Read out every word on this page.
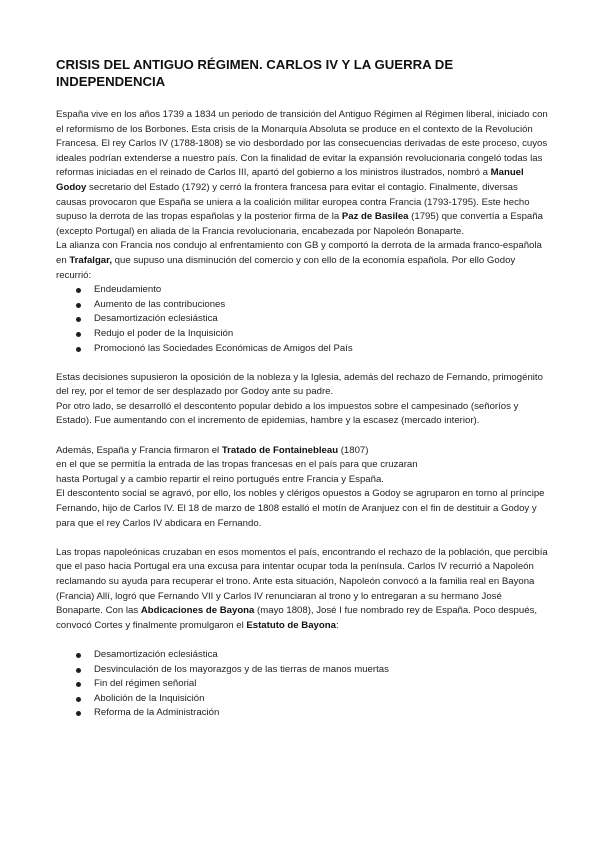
CRISIS DEL ANTIGUO RÉGIMEN. CARLOS IV Y LA GUERRA DE INDEPENDENCIA

España vive en los años 1739 a 1834 un periodo de transición del Antiguo Régimen al Régimen liberal, iniciado con el reformismo de los Borbones. Esta crisis de la Monarquía Absoluta se produce en el contexto de la Revolución Francesa. El rey Carlos IV (1788-1808) se vio desbordado por las consecuencias derivadas de este proceso, cuyos ideales podrían extenderse a nuestro país. Con la finalidad de evitar la expansión revolucionaria congeló todas las reformas iniciadas en el reinado de Carlos III, apartó del gobierno a los ministros ilustrados, nombró a Manuel Godoy secretario del Estado (1792) y cerró la frontera francesa para evitar el contagio. Finalmente, diversas causas provocaron que España se uniera a la coalición militar europea contra Francia (1793-1795). Este hecho supuso la derrota de las tropas españolas y la posterior firma de la Paz de Basilea (1795) que convertía a España (excepto Portugal) en aliada de la Francia revolucionaria, encabezada por Napoleón Bonaparte.

La alianza con Francia nos condujo al enfrentamiento con GB y comportó la derrota de la armada franco-española en Trafalgar, que supuso una disminución del comercio y con ello de la economía española. Por ello Godoy recurrió:

Endeudamiento
Aumento de las contribuciones
Desamortización eclesiástica
Redujo el poder de la Inquisición
Promocionó las Sociedades Económicas de Amigos del País

Estas decisiones supusieron la oposición de la nobleza y la Iglesia, además del rechazo de Fernando, primogénito del rey, por el temor de ser desplazado por Godoy ante su padre.

Por otro lado, se desarrolló el descontento popular debido a los impuestos sobre el campesinado (señoríos y Estado). Fue aumentando con el incremento de epidemias, hambre y la escasez (mercado interior).

Además, España y Francia firmaron el Tratado de Fontainebleau (1807)

en el que se permitía la entrada de las tropas francesas en el país para que cruzaran

hasta Portugal y a cambio repartir el reino portugués entre Francia y España.

El descontento social se agravó, por ello, los nobles y clérigos opuestos a Godoy se agruparon en torno al príncipe Fernando, hijo de Carlos IV. El 18 de marzo de 1808 estalló el motín de Aranjuez con el fin de destituir a Godoy y para que el rey Carlos IV abdicara en Fernando.

Las tropas napoleónicas cruzaban en esos momentos el país, encontrando el rechazo de la población, que percibía que el paso hacia Portugal era una excusa para intentar ocupar toda la península. Carlos IV recurrió a Napoleón reclamando su ayuda para recuperar el trono. Ante esta situación, Napoleón convocó a la familia real en Bayona (Francia) Allí, logró que Fernando VII y Carlos IV renunciaran al trono y lo entregaran a su hermano José Bonaparte. Con las Abdicaciones de Bayona (mayo 1808), José I fue nombrado rey de España. Poco después, convocó Cortes y finalmente promulgaron el Estatuto de Bayona:

Desamortización eclesiástica
Desvinculación de los mayorazgos y de las tierras de manos muertas
Fin del régimen señorial
Abolición de la Inquisición
Reforma de la Administración
